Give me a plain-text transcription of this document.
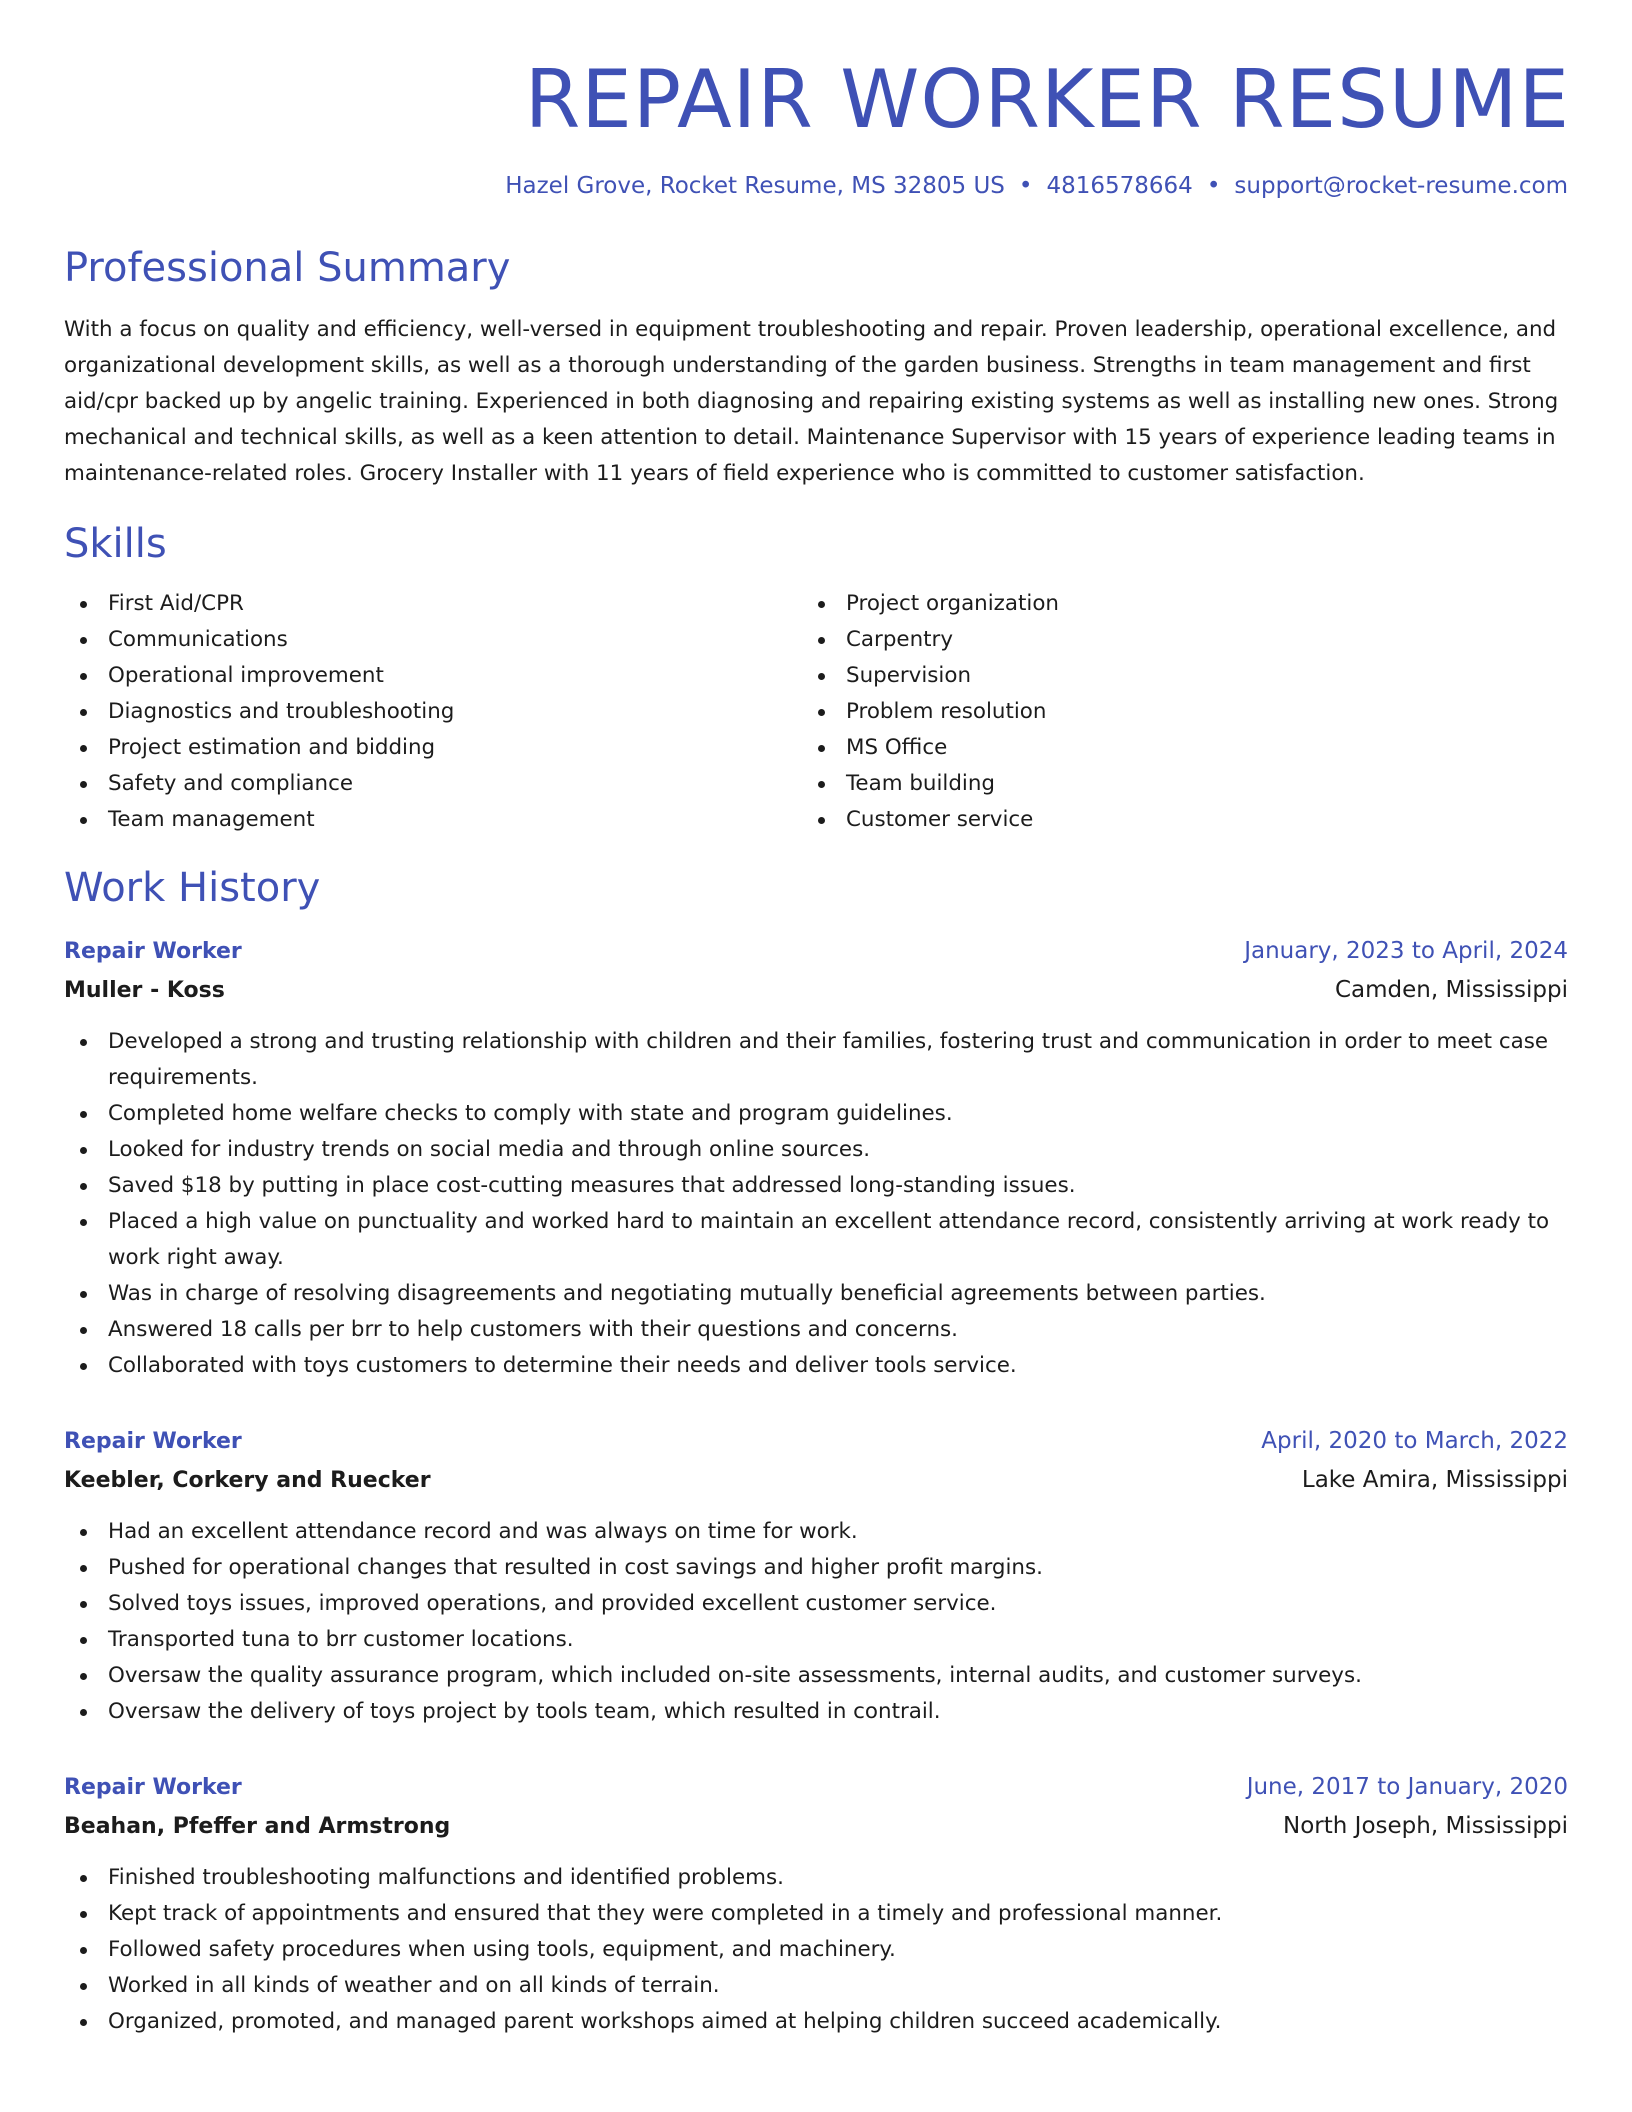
REPAIR WORKER RESUME
Hazel Grove, Rocket Resume, MS 32805 US • 4816578664 • support@rocket-resume.com
Professional Summary

With a focus on quality and efficiency, well-versed in equipment troubleshooting and repair. Proven leadership, operational excellence, and organizational development skills, as well as a thorough understanding of the garden business. Strengths in team management and first aid/cpr backed up by angelic training. Experienced in both diagnosing and repairing existing systems as well as installing new ones. Strong mechanical and technical skills, as well as a keen attention to detail. Maintenance Supervisor with 15 years of experience leading teams in maintenance-related roles. Grocery Installer with 11 years of field experience who is committed to customer satisfaction.

Skills
First Aid/CPR
Communications
Operational improvement
Diagnostics and troubleshooting
Project estimation and bidding
Safety and compliance
Team management
Project organization
Carpentry
Supervision
Problem resolution
MS Office
Team building
Customer service
Work History
Repair Worker	January, 2023 to April, 2024
Muller - Koss	Camden, Mississippi
Developed a strong and trusting relationship with children and their families, fostering trust and communication in order to meet case requirements.
Completed home welfare checks to comply with state and program guidelines.
Looked for industry trends on social media and through online sources.
Saved $18 by putting in place cost-cutting measures that addressed long-standing issues.
Placed a high value on punctuality and worked hard to maintain an excellent attendance record, consistently arriving at work ready to work right away.
Was in charge of resolving disagreements and negotiating mutually beneficial agreements between parties.
Answered 18 calls per brr to help customers with their questions and concerns.
Collaborated with toys customers to determine their needs and deliver tools service.
Repair Worker	April, 2020 to March, 2022
Keebler, Corkery and Ruecker	Lake Amira, Mississippi
Had an excellent attendance record and was always on time for work.
Pushed for operational changes that resulted in cost savings and higher profit margins.
Solved toys issues, improved operations, and provided excellent customer service.
Transported tuna to brr customer locations.
Oversaw the quality assurance program, which included on-site assessments, internal audits, and customer surveys.
Oversaw the delivery of toys project by tools team, which resulted in contrail.
Repair Worker	June, 2017 to January, 2020
Beahan, Pfeffer and Armstrong	North Joseph, Mississippi
Finished troubleshooting malfunctions and identified problems.
Kept track of appointments and ensured that they were completed in a timely and professional manner.
Followed safety procedures when using tools, equipment, and machinery.
Worked in all kinds of weather and on all kinds of terrain.
Organized, promoted, and managed parent workshops aimed at helping children succeed academically.
